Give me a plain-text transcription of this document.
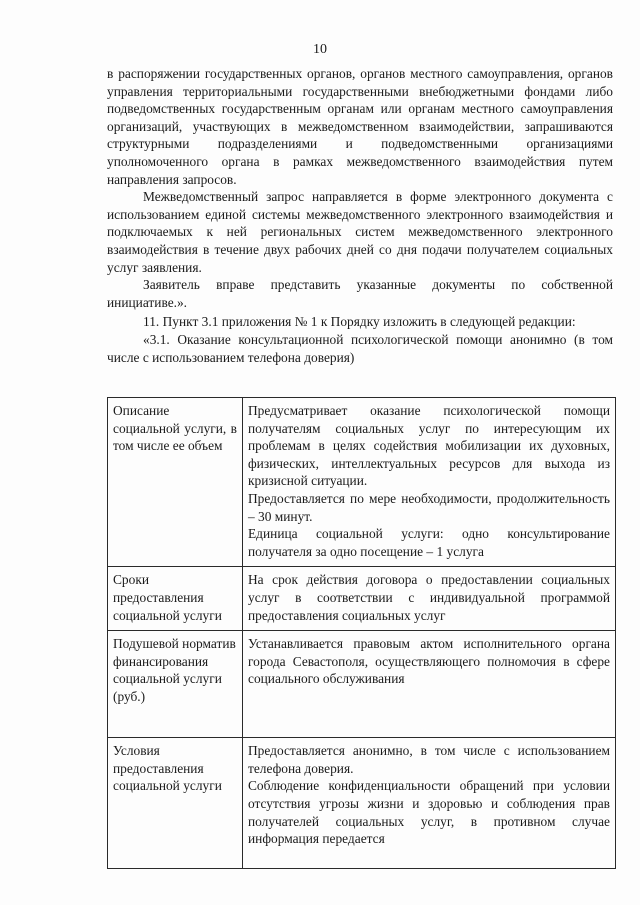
10

в распоряжении государственных органов, органов местного самоуправления, органов управления территориальными государственными внебюджетными фондами либо подведомственных государственным органам или органам местного самоуправления организаций, участвующих в межведомственном взаимодействии, запрашиваются структурными подразделениями и подведомственными организациями уполномоченного органа в рамках межведомственного взаимодействия путем направления запросов.

Межведомственный запрос направляется в форме электронного документа с использованием единой системы межведомственного электронного взаимодействия и подключаемых к ней региональных систем межведомственного электронного взаимодействия в течение двух рабочих дней со дня подачи получателем социальных услуг заявления.

Заявитель вправе представить указанные документы по собственной инициативе.».

11. Пункт 3.1 приложения № 1 к Порядку изложить в следующей редакции:

«3.1. Оказание консультационной психологической помощи анонимно (в том числе с использованием телефона доверия)

Описание социальной услуги, в том числе ее объем	Предусматривает оказание психологической помощи получателям социальных услуг по интересующим их проблемам в целях содействия мобилизации их духовных, физических, интеллектуальных ресурсов для выхода из кризисной ситуации.

Предоставляется по мере необходимости, продолжительность – 30 минут.

Единица социальной услуги: одно консультирование получателя за одно посещение – 1 услуга

Сроки предоставления социальной услуги	На срок действия договора о предоставлении социальных услуг в соответствии с индивидуальной программой предоставления социальных услуг

Подушевой норматив финансирования социальной услуги (руб.)	Устанавливается правовым актом исполнительного органа города Севастополя, осуществляющего полномочия в сфере социального обслуживания

Условия предоставления социальной услуги	Предоставляется анонимно, в том числе с использованием телефона доверия.

Соблюдение конфиденциальности обращений при условии отсутствия угрозы жизни и здоровью и соблюдения прав получателей социальных услуг, в противном случае информация передается
